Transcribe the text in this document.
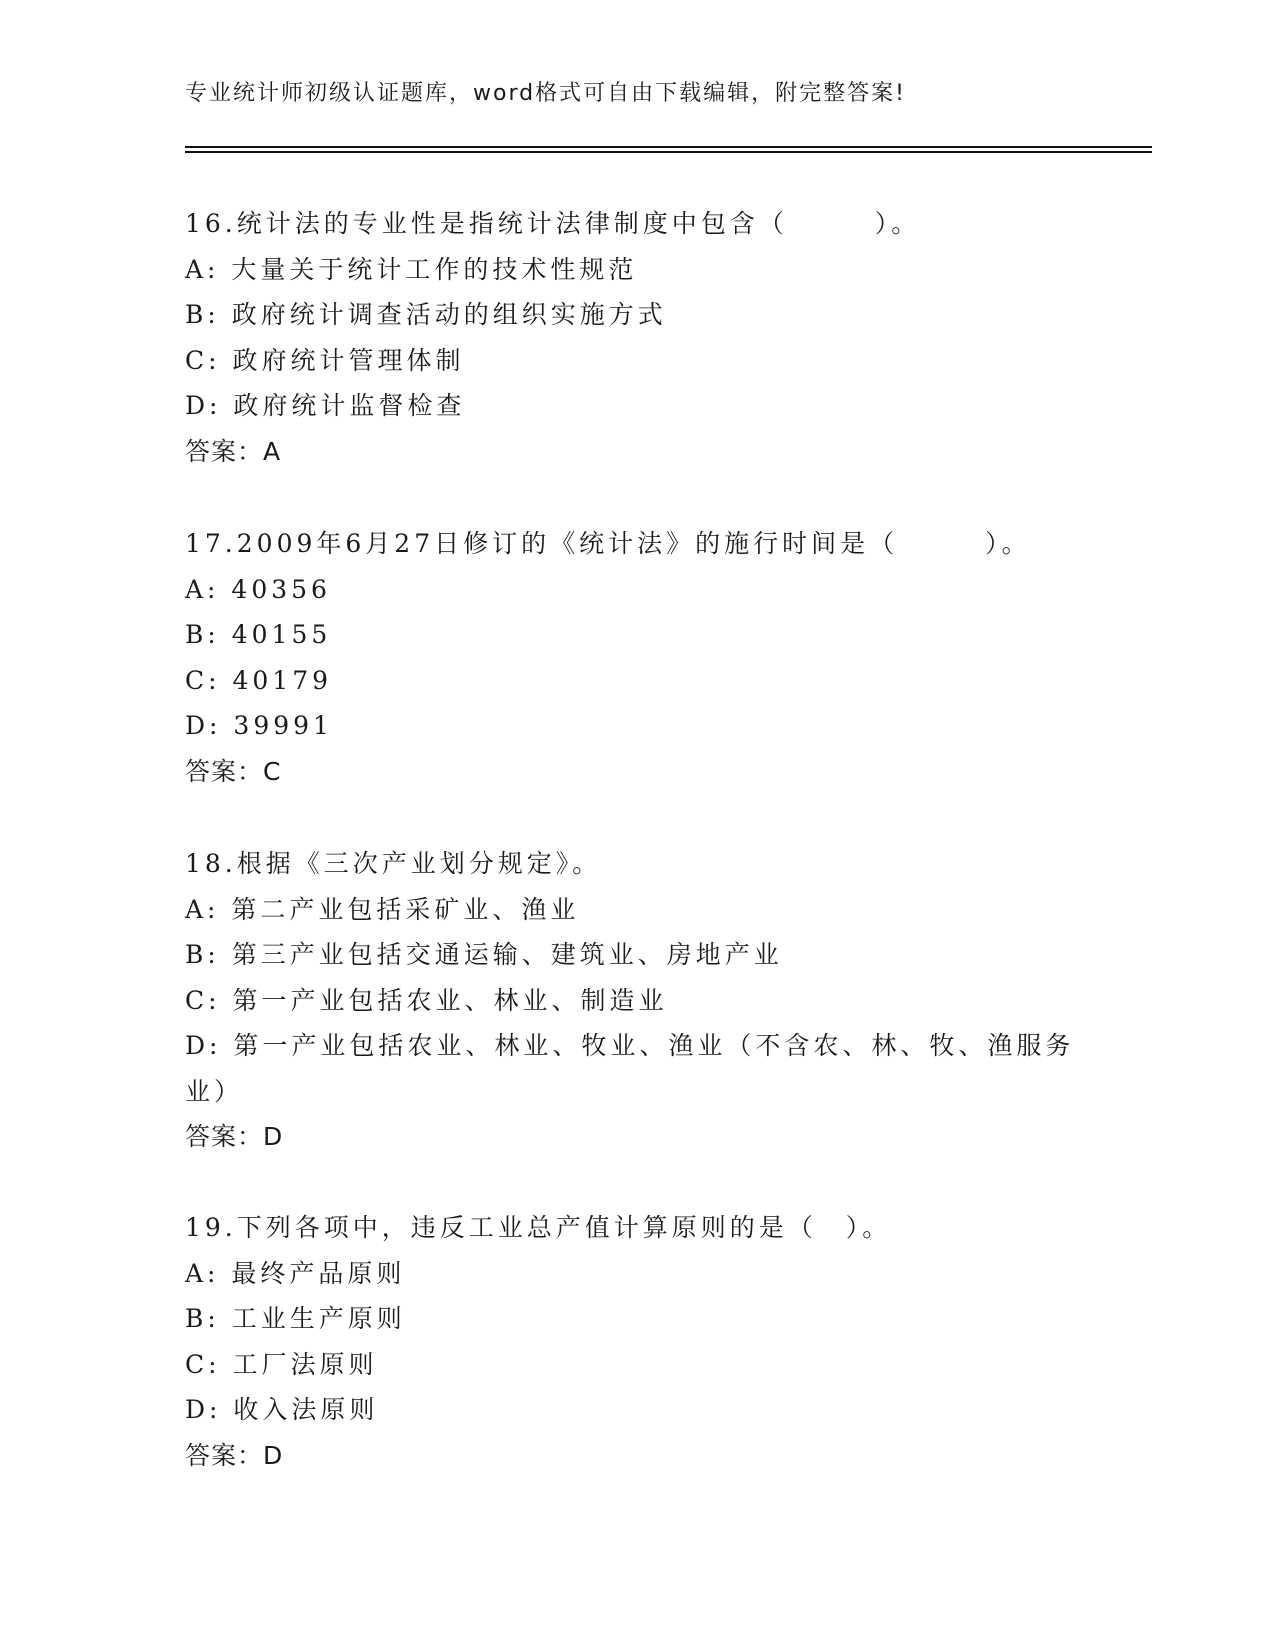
专业统计师初级认证题库，word格式可自由下载编辑，附完整答案!
16.统计法的专业性是指统计法律制度中包含（　　　）。
A: 大量关于统计工作的技术性规范
B: 政府统计调查活动的组织实施方式
C: 政府统计管理体制
D: 政府统计监督检查
答案：A
17.2009年6月27日修订的《统计法》的施行时间是（　　　）。
A: 40356
B: 40155
C: 40179
D: 39991
答案：C
18.根据《三次产业划分规定》。
A: 第二产业包括采矿业、渔业
B: 第三产业包括交通运输、建筑业、房地产业
C: 第一产业包括农业、林业、制造业
D: 第一产业包括农业、林业、牧业、渔业（不含农、林、牧、渔服务业）
答案：D
19.下列各项中，违反工业总产值计算原则的是（　）。
A: 最终产品原则
B: 工业生产原则
C: 工厂法原则
D: 收入法原则
答案：D
